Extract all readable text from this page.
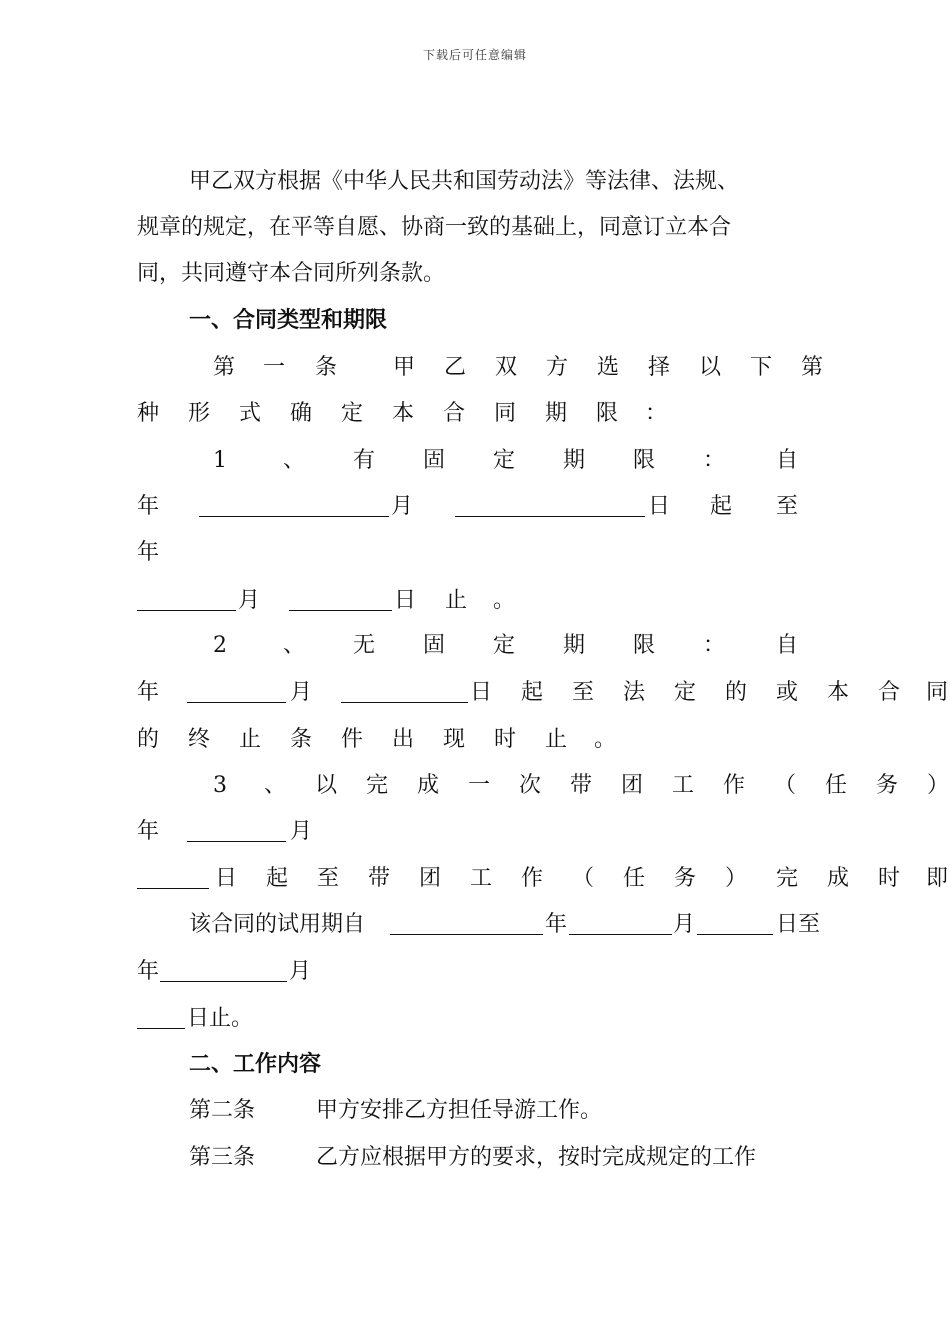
下载后可任意编辑
甲乙双方根据《中华人民共和国劳动法》等法律、法规、
规章的规定，在平等自愿、协商一致的基础上，同意订立本合
同，共同遵守本合同所列条款。
一、合同类型和期限
第 一 条	甲 乙 双 方 选 择 以 下 第
种 形 式 确 定 本 合 同 期 限 ：
1	、 有 固 定 期 限 ： 自
年	月	日 起 至
年
月	日 止 。
2	、 无 固 定 期 限 ： 自
年	月	日 起 至 法 定 的 或 本 合 同
的 终 止 条 件 出 现 时 止 。
3 、 以 完 成 一 次 带 团 工 作 （ 任 务 ）
年	月
日 起 至 带 团 工 作 （ 任 务 ） 完 成 时 即
该合同的试用期自	年	月	日至
年	月
日止。
二、工作内容
第二条	甲方安排乙方担任导游工作。
第三条	乙方应根据甲方的要求，按时完成规定的工作
